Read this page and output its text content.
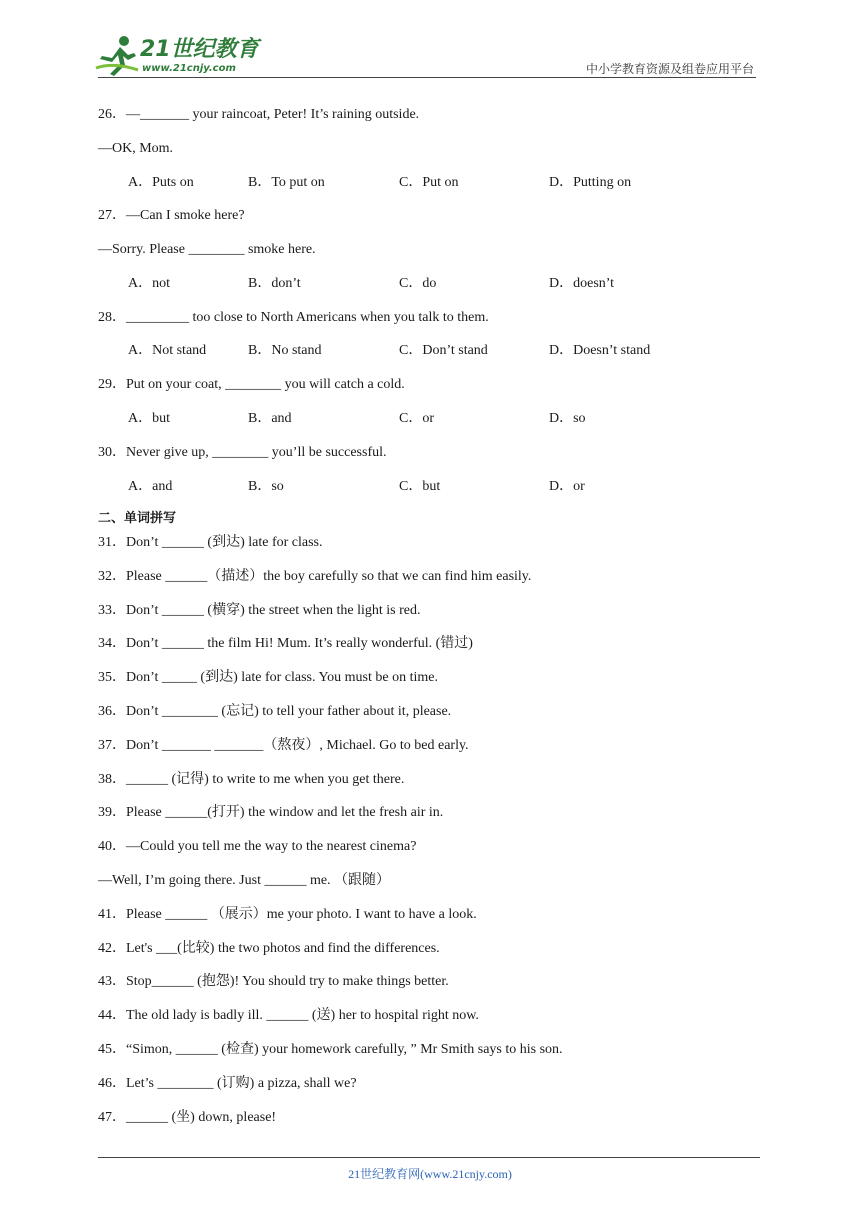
21世纪教育
www.21cnjy.com	中小学教育资源及组卷应用平台
26．—_______ your raincoat, Peter! It’s raining outside.
—OK, Mom.
A．Puts on	B．To put on	C．Put on	D．Putting on
27．—Can I smoke here?
—Sorry. Please ________ smoke here.
A．not	B．don’t	C．do	D．doesn’t
28．_________ too close to North Americans when you talk to them.
A．Not stand	B．No stand	C．Don’t stand	D．Doesn’t stand
29．Put on your coat, ________ you will catch a cold.
A．but	B．and	C．or	D．so
30．Never give up, ________ you’ll be successful.
A．and	B．so	C．but	D．or
二、单词拼写
31．Don’t ______ (到达) late for class.
32．Please ______（描述）the boy carefully so that we can find him easily.
33．Don’t ______ (横穿) the street when the light is red.
34．Don’t ______ the film Hi! Mum. It’s really wonderful. (错过)
35．Don’t _____ (到达) late for class. You must be on time.
36．Don’t ________ (忘记) to tell your father about it, please.
37．Don’t _______ _______（熬夜）, Michael. Go to bed early.
38．______ (记得) to write to me when you get there.
39．Please ______(打开) the window and let the fresh air in.
40．—Could you tell me the way to the nearest cinema?
—Well, I’m going there. Just ______ me. （跟随）
41．Please ______ （展示）me your photo. I want to have a look.
42．Let's ___(比较) the two photos and find the differences.
43．Stop______ (抱怨)! You should try to make things better.
44．The old lady is badly ill. ______ (送) her to hospital right now.
45．“Simon, ______ (检查) your homework carefully, ” Mr Smith says to his son.
46．Let’s ________ (订购) a pizza, shall we?
47．______ (坐) down, please!
21世纪教育网(www.21cnjy.com)
